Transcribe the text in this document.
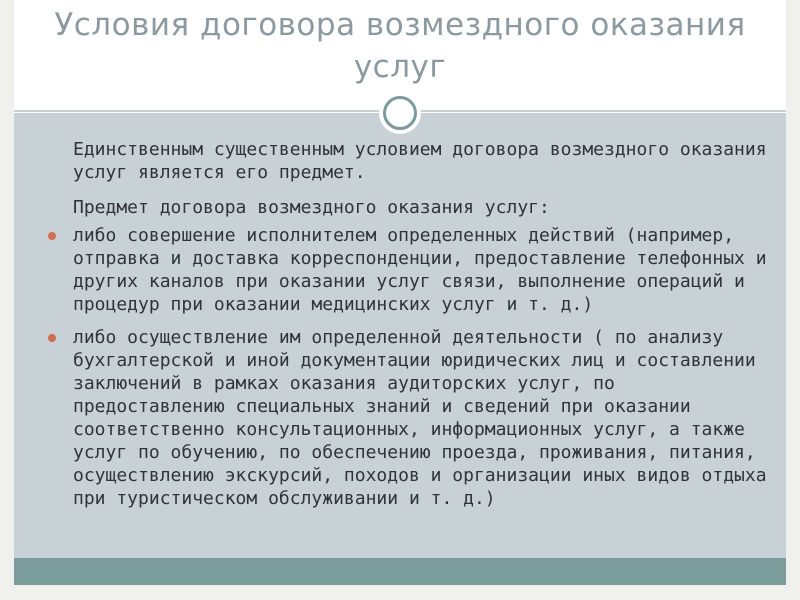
Условия договора возмездного оказания услуг

Единственным существенным условием договора возмездного оказания услуг является его предмет.

Предмет договора возмездного оказания услуг:

либо совершение исполнителем определенных действий (например, отправка и доставка корреспонденции, предоставление телефонных и других каналов при оказании услуг связи, выполнение операций и процедур при оказании медицинских услуг и т. д.)
либо осуществление им определенной деятельности ( по анализу бухгалтерской и иной документации юридических лиц и составлении заключений в рамках оказания аудиторских услуг, по предоставлению специальных знаний и сведений при оказании соответственно консультационных, информационных услуг, а также услуг по обучению, по обеспечению проезда, проживания, питания, осуществлению экскурсий, походов и организации иных видов отдыха при туристическом обслуживании и т. д.)
